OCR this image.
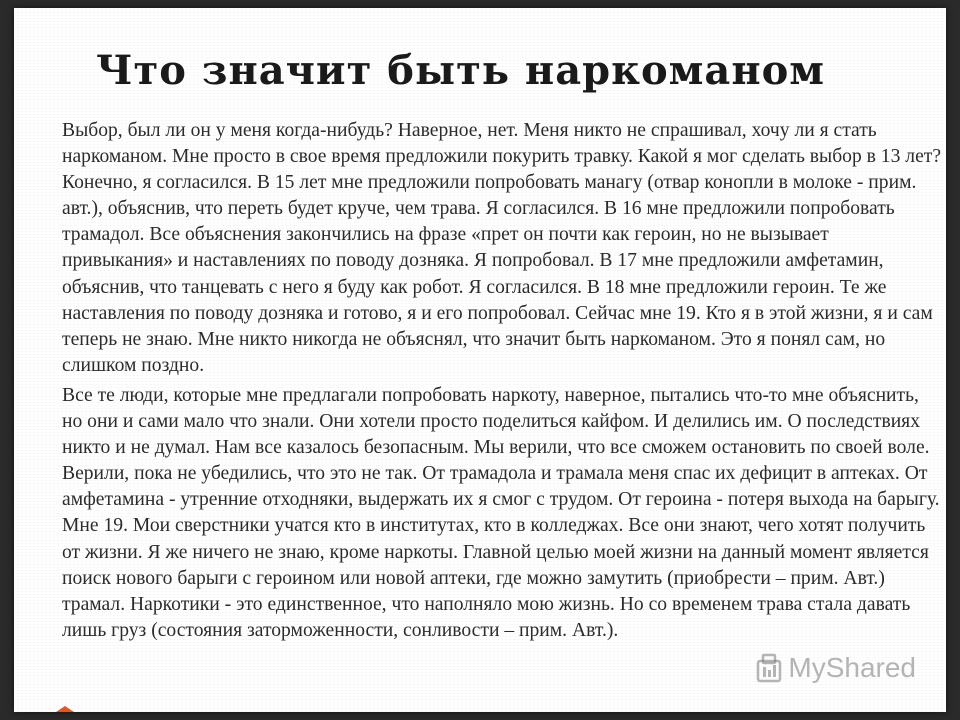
Что значит быть наркоманом

Выбор, был ли он у меня когда-нибудь? Наверное, нет. Меня никто не спрашивал, хочу ли я стать наркоманом. Мне просто в свое время предложили покурить травку. Какой я мог сделать выбор в 13 лет? Конечно, я согласился. В 15 лет мне предложили попробовать манагу (отвар конопли в молоке - прим. авт.), объяснив, что переть будет круче, чем трава. Я согласился. В 16 мне предложили попробовать трамадол. Все объяснения закончились на фразе «прет он почти как героин, но не вызывает привыкания» и наставлениях по поводу дозняка. Я попробовал. В 17 мне предложили амфетамин, объяснив, что танцевать с него я буду как робот. Я согласился. В 18 мне предложили героин. Те же наставления по поводу дозняка и готово, я и его попробовал. Сейчас мне 19. Кто я в этой жизни, я и сам теперь не знаю. Мне никто никогда не объяснял, что значит быть наркоманом. Это я понял сам, но слишком поздно.

Все те люди, которые мне предлагали попробовать наркоту, наверное, пытались что-то мне объяснить, но они и сами мало что знали. Они хотели просто поделиться кайфом. И делились им. О последствиях никто и не думал. Нам все казалось безопасным. Мы верили, что все сможем остановить по своей воле. Верили, пока не убедились, что это не так. От трамадола и трамала меня спас их дефицит в аптеках. От амфетамина - утренние отходняки, выдержать их я смог с трудом. От героина - потеря выхода на барыгу. Мне 19. Мои сверстники учатся кто в институтах, кто в колледжах. Все они знают, чего хотят получить от жизни. Я же ничего не знаю, кроме наркоты. Главной целью моей жизни на данный момент является поиск нового барыги с героином или новой аптеки, где можно замутить (приобрести – прим. Авт.) трамал. Наркотики - это единственное, что наполняло мою жизнь. Но со временем трава стала давать лишь груз (состояния заторможенности, сонливости – прим. Авт.).

MyShared
